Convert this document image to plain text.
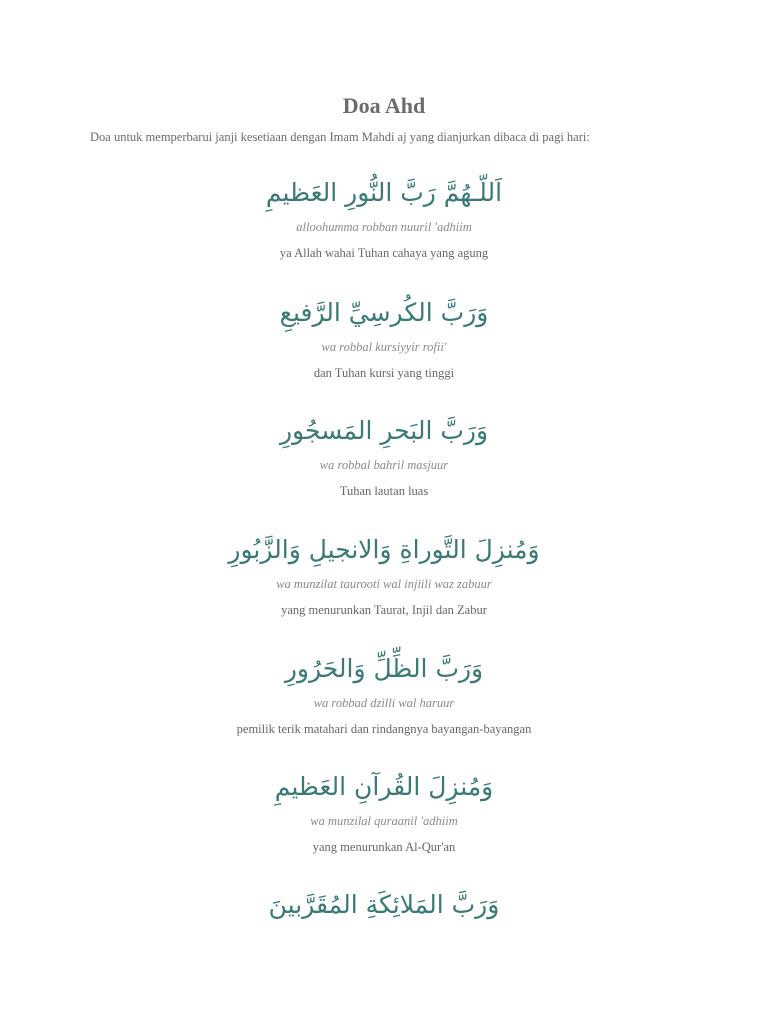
Doa Ahd
Doa untuk memperbarui janji kesetiaan dengan Imam Mahdi aj yang dianjurkan dibaca di pagi hari:
اَللّـهُمَّ رَبَّ النُّورِ العَظيمِ
alloohumma robban nuuril 'adhiim
ya Allah wahai Tuhan cahaya yang agung
وَرَبَّ الكُرسِيِّ الرَّفيعِ
wa robbal kursiyyir rofii'
dan Tuhan kursi yang tinggi
وَرَبَّ البَحرِ المَسجُورِ
wa robbal bahril masjuur
Tuhan lautan luas
وَمُنزِلَ التَّوراةِ وَالانجيلِ وَالزَّبُورِ
wa munzilat taurooti wal injiili waz zabuur
yang menurunkan Taurat, Injil dan Zabur
وَرَبَّ الظِّلِّ وَالحَرُورِ
wa robbad dzilli wal haruur
pemilik terik matahari dan rindangnya bayangan-bayangan
وَمُنزِلَ القُرآنِ العَظيمِ
wa munzilal quraanil 'adhiim
yang menurunkan Al-Qur'an
وَرَبَّ المَلائِكَةِ المُقَرَّبينَ
